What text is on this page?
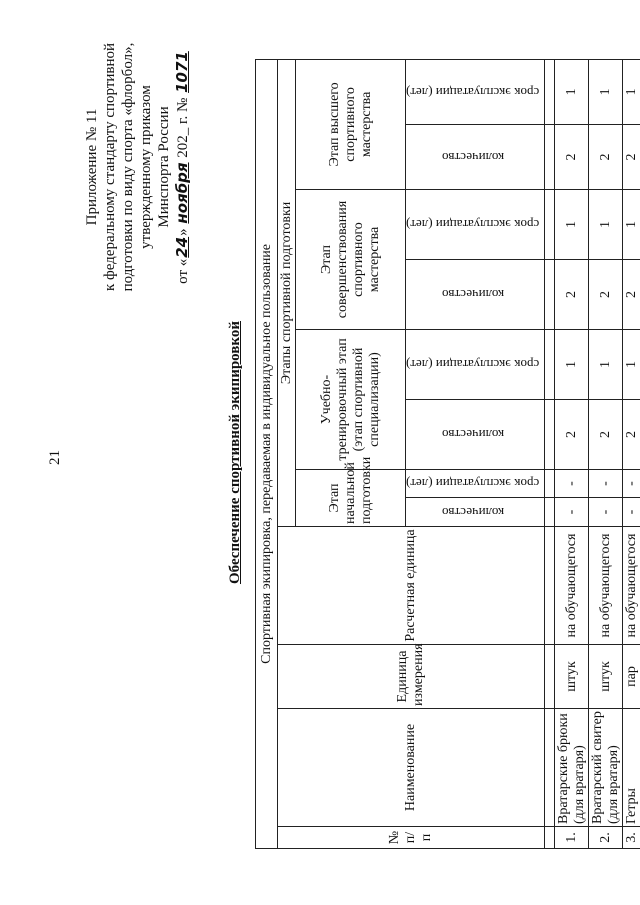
21
Приложение № 11 к федеральному стандарту спортивной подготовки по виду спорта «флорбол», утвержденному приказом Минспорта России
от «24» ноября 202_ г. № 1071
Обеспечение спортивной экипировкой Спортивная экипировка, передаваемая в индивидуальное пользование											
№ п/п	Наименование	Единица измерения	Расчетная единица	Этапы спортивной подготовки							
				Этап начальной подготовки		Учебно-тренировочный этап (этап спортивной специализации)		Этап совершенствования спортивного мастерства		Этап высшего спортивного мастерства	
				количество	срок эксплуатации (лет)	количество	срок эксплуатации (лет)	количество	срок эксплуатации (лет)	количество	срок эксплуатации (лет)

1.	Вратарские брюки (для вратаря)	штук	на обучающегося	-	-	2	1	2	1	2	1
2.	Вратарский свитер (для вратаря)	штук	на обучающегося	-	-	2	1	2	1	2	1
3.	Гетры	пар	на обучающегося	-	-	2	1	2	1	2	1
